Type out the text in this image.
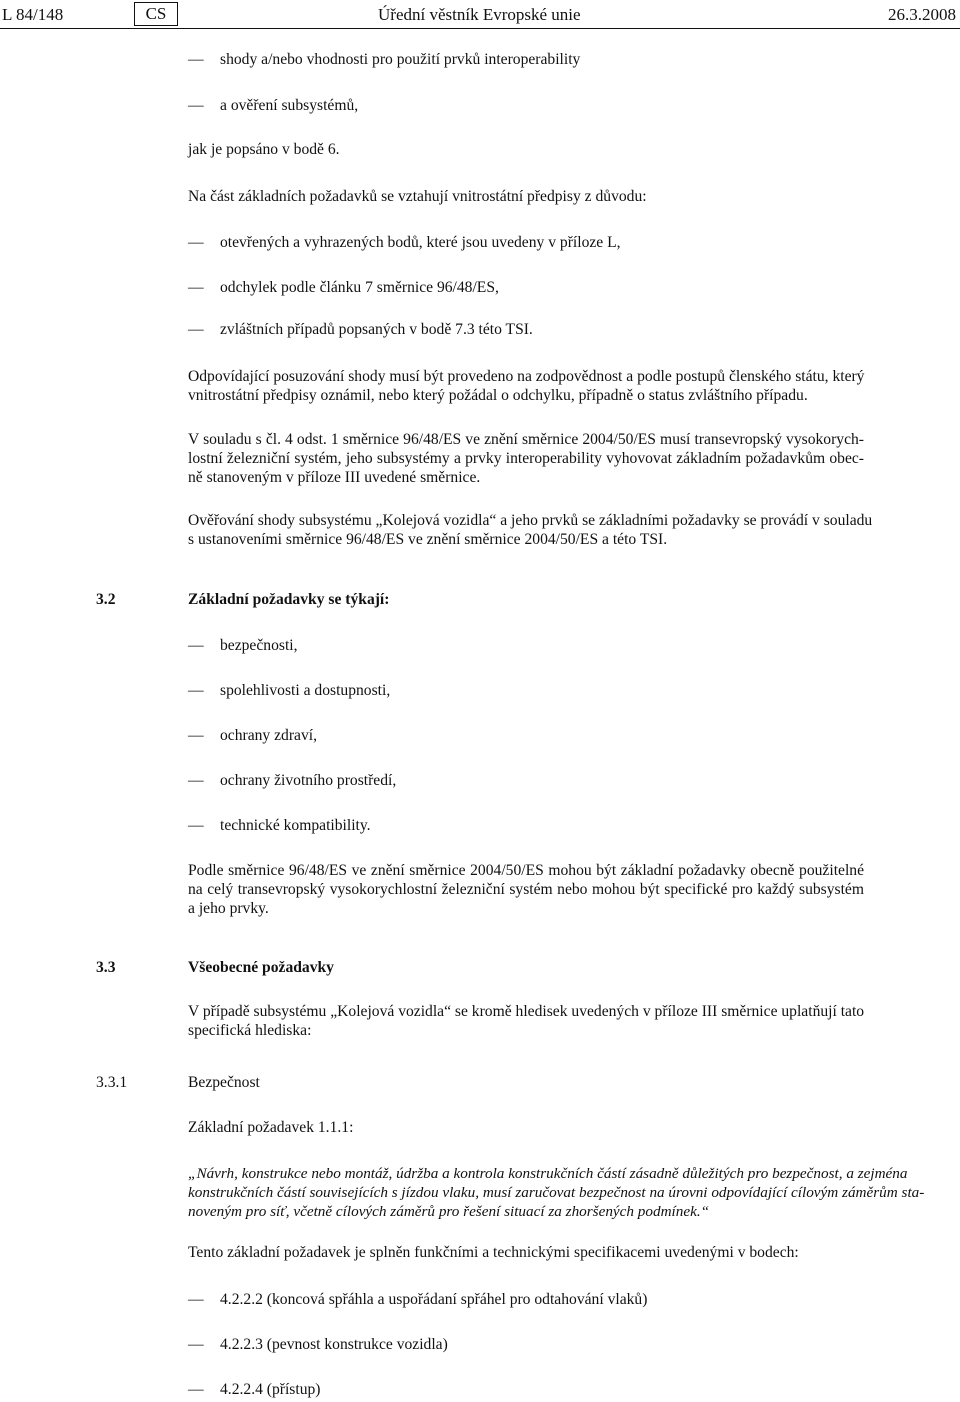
L 84/148	CS	Úřední věstník Evropské unie	26.3.2008
— shody a/nebo vhodnosti pro použití prvků interoperability
— a ověření subsystémů,
jak je popsáno v bodě 6.
Na část základních požadavků se vztahují vnitrostátní předpisy z důvodu:
— otevřených a vyhrazených bodů, které jsou uvedeny v příloze L,
— odchylek podle článku 7 směrnice 96/48/ES,
— zvláštních případů popsaných v bodě 7.3 této TSI.
Odpovídající posuzování shody musí být provedeno na zodpovědnost a podle postupů členského státu, který
vnitrostátní předpisy oznámil, nebo který požádal o odchylku, případně o status zvláštního případu.
V souladu s čl. 4 odst. 1 směrnice 96/48/ES ve znění směrnice 2004/50/ES musí transevropský vysokorych-
lostní železniční systém, jeho subsystémy a prvky interoperability vyhovovat základním požadavkům obec-
ně stanoveným v příloze III uvedené směrnice.
Ověřování shody subsystému „Kolejová vozidla“ a jeho prvků se základními požadavky se provádí v souladu
s ustanoveními směrnice 96/48/ES ve znění směrnice 2004/50/ES a této TSI.
3.2	Základní požadavky se týkají:
— bezpečnosti,
— spolehlivosti a dostupnosti,
— ochrany zdraví,
— ochrany životního prostředí,
— technické kompatibility.
Podle směrnice 96/48/ES ve znění směrnice 2004/50/ES mohou být základní požadavky obecně použitelné
na celý transevropský vysokorychlostní železniční systém nebo mohou být specifické pro každý subsystém
a jeho prvky.
3.3	Všeobecné požadavky
V případě subsystému „Kolejová vozidla“ se kromě hledisek uvedených v příloze III směrnice uplatňují tato
specifická hlediska:
3.3.1	Bezpečnost
Základní požadavek 1.1.1:
„Návrh, konstrukce nebo montáž, údržba a kontrola konstrukčních částí zásadně důležitých pro bezpečnost, a zejména
konstrukčních částí souvisejících s jízdou vlaku, musí zaručovat bezpečnost na úrovni odpovídající cílovým záměrům sta-
noveným pro síť, včetně cílových záměrů pro řešení situací za zhoršených podmínek.“
Tento základní požadavek je splněn funkčními a technickými specifikacemi uvedenými v bodech:
— 4.2.2.2 (koncová spřáhla a uspořádaní spřáhel pro odtahování vlaků)
— 4.2.2.3 (pevnost konstrukce vozidla)
— 4.2.2.4 (přístup)
